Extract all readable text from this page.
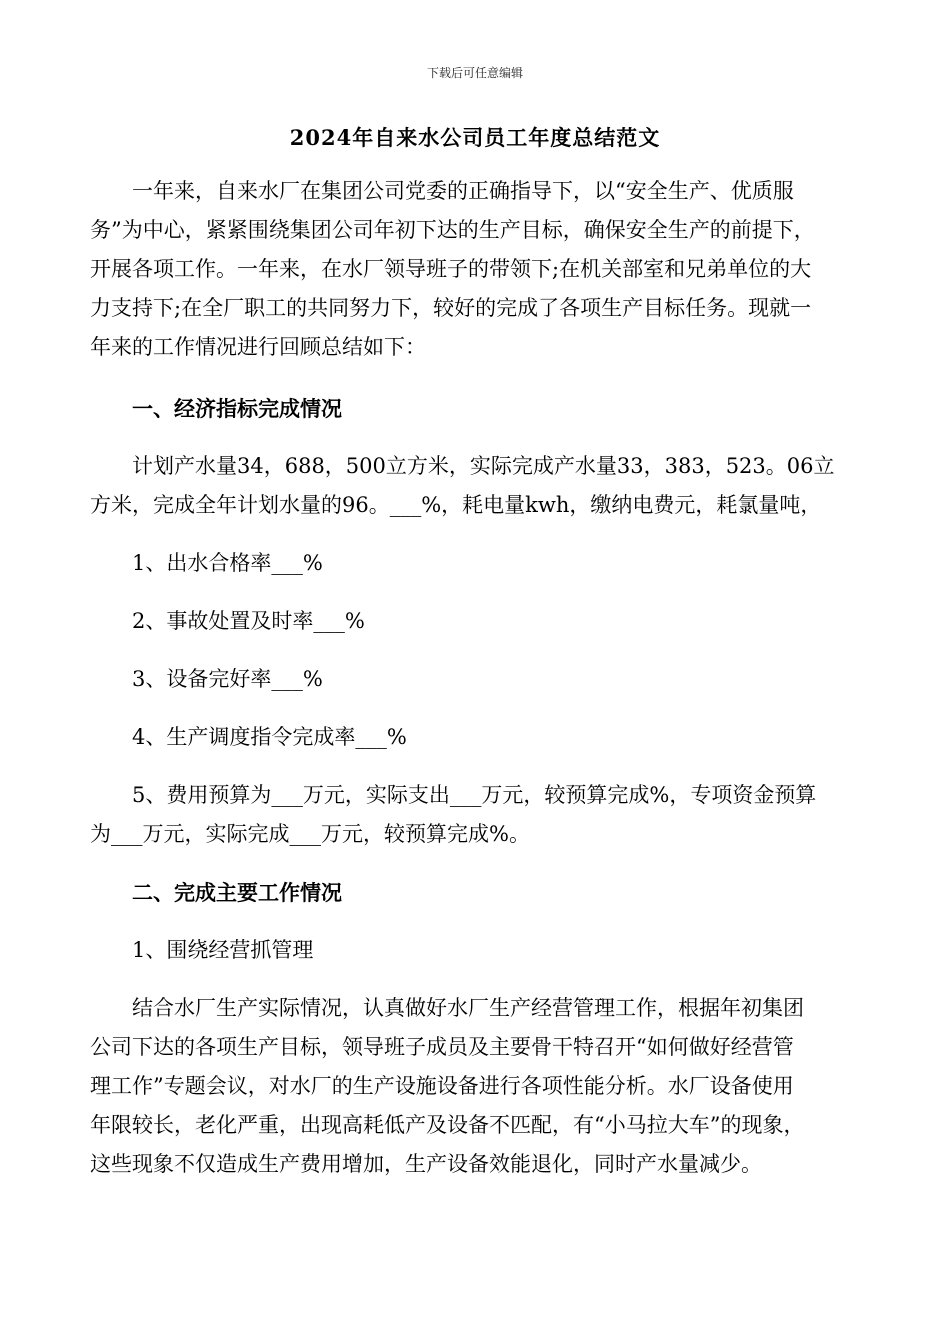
下载后可任意编辑
2024年自来水公司员工年度总结范文

一年来，自来水厂在集团公司党委的正确指导下，以“安全生产、优质服

务”为中心，紧紧围绕集团公司年初下达的生产目标，确保安全生产的前提下，

开展各项工作。一年来，在水厂领导班子的带领下;在机关部室和兄弟单位的大

力支持下;在全厂职工的共同努力下，较好的完成了各项生产目标任务。现就一

年来的工作情况进行回顾总结如下：

一、经济指标完成情况

计划产水量34，688，500立方米，实际完成产水量33，383，523。06立

方米，完成全年计划水量的96。___%，耗电量kwh，缴纳电费元，耗氯量吨，

1、出水合格率___%

2、事故处置及时率___%

3、设备完好率___%

4、生产调度指令完成率___%

5、费用预算为___万元，实际支出___万元，较预算完成%，专项资金预算

为___万元，实际完成___万元，较预算完成%。

二、完成主要工作情况

1、围绕经营抓管理

结合水厂生产实际情况，认真做好水厂生产经营管理工作，根据年初集团

公司下达的各项生产目标，领导班子成员及主要骨干特召开“如何做好经营管

理工作”专题会议，对水厂的生产设施设备进行各项性能分析。水厂设备使用

年限较长，老化严重，出现高耗低产及设备不匹配，有“小马拉大车”的现象，

这些现象不仅造成生产费用增加，生产设备效能退化，同时产水量减少。
